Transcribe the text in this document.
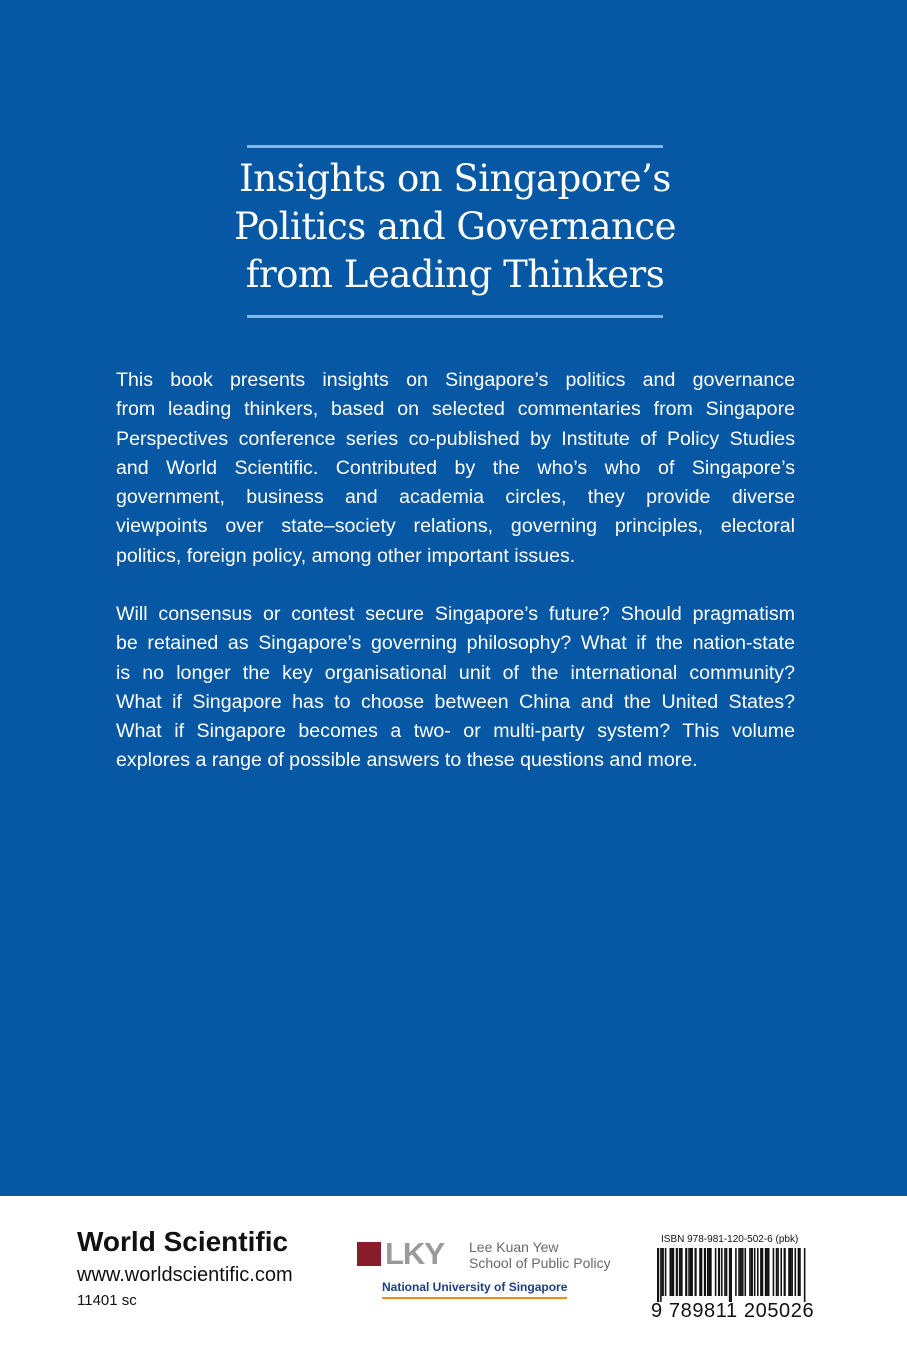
Insights on Singapore’s
Politics and Governance
from Leading Thinkers
This book presents insights on Singapore’s politics and governance
from leading thinkers, based on selected commentaries from Singapore
Perspectives conference series co-published by Institute of Policy Studies
and World Scientific. Contributed by the who’s who of Singapore’s
government, business and academia circles, they provide diverse
viewpoints over state–society relations, governing principles, electoral
politics, foreign policy, among other important issues.
Will consensus or contest secure Singapore’s future? Should pragmatism
be retained as Singapore’s governing philosophy? What if the nation-state
is no longer the key organisational unit of the international community?
What if Singapore has to choose between China and the United States?
What if Singapore becomes a two- or multi-party system? This volume
explores a range of possible answers to these questions and more.
World Scientific
www.worldscientific.com
11401 sc
LKY Lee Kuan Yew
School of Public Policy
National University of Singapore
ISBN 978-981-120-502-6 (pbk)
9 789811 205026
